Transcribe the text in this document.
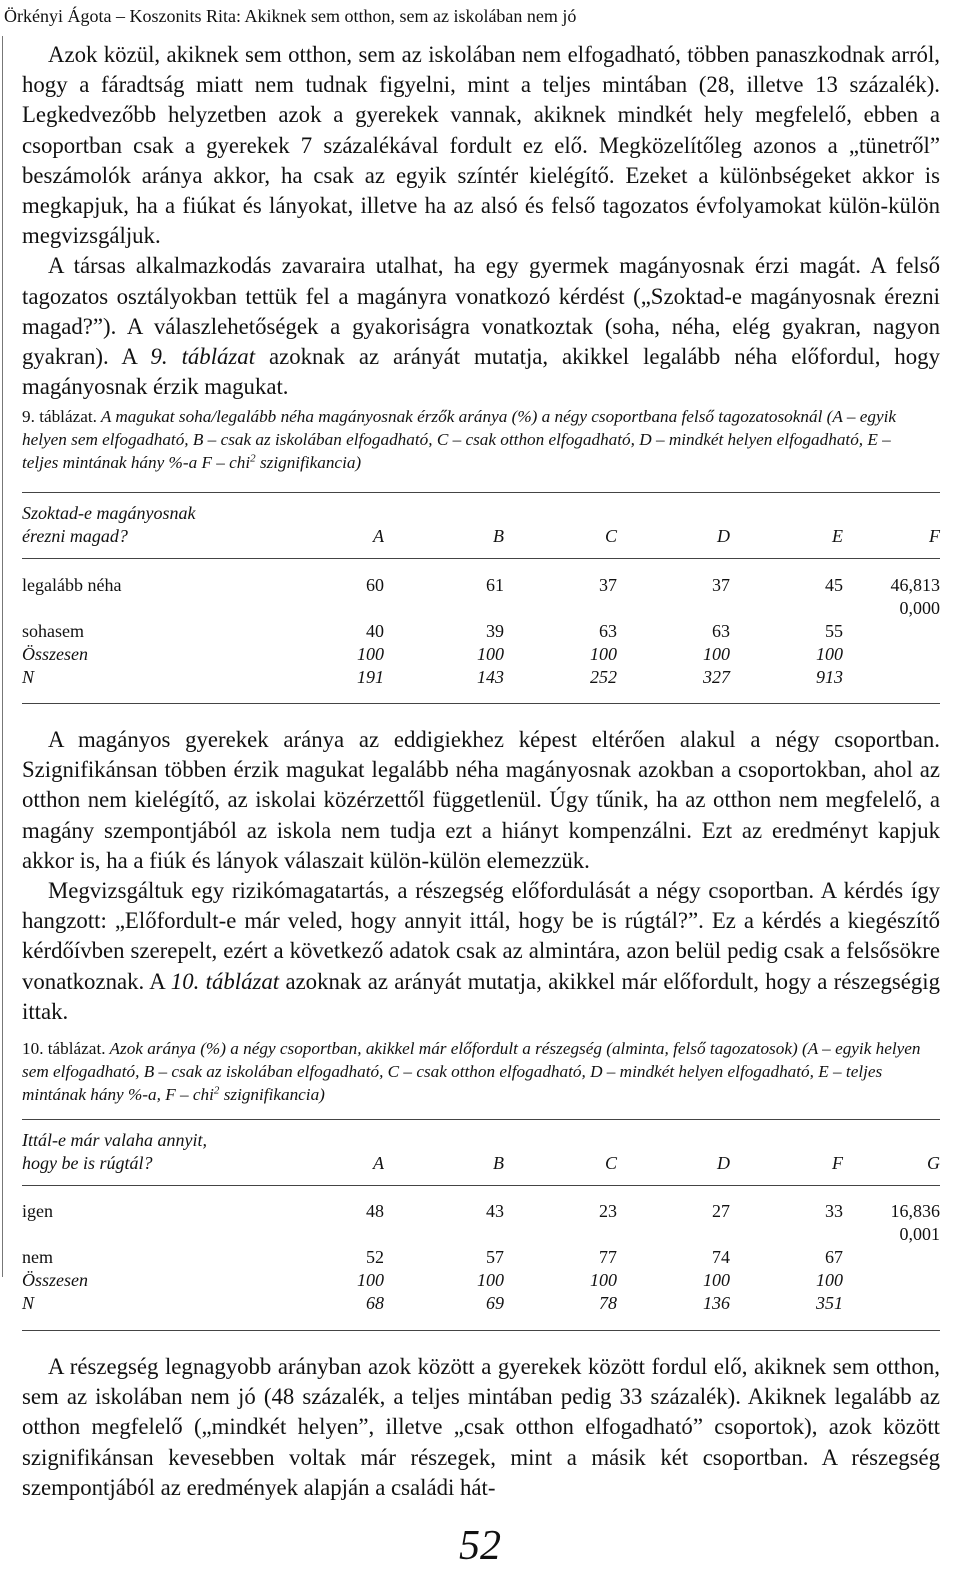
Örkényi Ágota – Koszonits Rita: Akiknek sem otthon, sem az iskolában nem jó

Azok közül, akiknek sem otthon, sem az iskolában nem elfogadható, többen panaszkodnak arról, hogy a fáradtság miatt nem tudnak figyelni, mint a teljes mintában (28, illetve 13 százalék). Legkedvezőbb helyzetben azok a gyerekek vannak, akiknek mindkét hely megfelelő, ebben a csoportban csak a gyerekek 7 százalékával fordult ez elő. Megközelítőleg azonos a „tünetről” beszámolók aránya akkor, ha csak az egyik színtér kielégítő. Ezeket a különbségeket akkor is megkapjuk, ha a fiúkat és lányokat, illetve ha az alsó és felső tagozatos évfolyamokat külön-külön megvizsgáljuk.

A társas alkalmazkodás zavaraira utalhat, ha egy gyermek magányosnak érzi magát. A felső tagozatos osztályokban tettük fel a magányra vonatkozó kérdést („Szoktad-e magányosnak érezni magad?”). A válaszlehetőségek a gyakoriságra vonatkoztak (soha, néha, elég gyakran, nagyon gyakran). A 9. táblázat azoknak az arányát mutatja, akikkel legalább néha előfordul, hogy magányosnak érzik magukat.

9. táblázat. A magukat soha/legalább néha magányosnak érzők aránya (%) a négy csoportbana felső tagozatosoknál (A – egyik helyen sem elfogadható, B – csak az iskolában elfogadható, C – csak otthon elfogadható, D – mindkét helyen elfogadható, E – teljes mintának hány %-a F – chi$^2$ szignifikancia)

Szoktad-e magányosnak						
érezni magad?	A	B	C	D	E	F
legalább néha	60	61	37	37	45	46,813
						0,000
sohasem	40	39	63	63	55	
Összesen	100	100	100	100	100	
N	191	143	252	327	913	

A magányos gyerekek aránya az eddigiekhez képest eltérően alakul a négy csoportban. Szignifikánsan többen érzik magukat legalább néha magányosnak azokban a csoportokban, ahol az otthon nem kielégítő, az iskolai közérzettől függetlenül. Úgy tűnik, ha az otthon nem megfelelő, a magány szempontjából az iskola nem tudja ezt a hiányt kompenzálni. Ezt az eredményt kapjuk akkor is, ha a fiúk és lányok válaszait külön-külön elemezzük.

Megvizsgáltuk egy rizikómagatartás, a részegség előfordulását a négy csoportban. A kérdés így hangzott: „Előfordult-e már veled, hogy annyit ittál, hogy be is rúgtál?”. Ez a kérdés a kiegészítő kérdőívben szerepelt, ezért a következő adatok csak az almintára, azon belül pedig csak a felsősökre vonatkoznak. A 10. táblázat azoknak az arányát mutatja, akikkel már előfordult, hogy a részegségig ittak.

10. táblázat. Azok aránya (%) a négy csoportban, akikkel már előfordult a részegség (alminta, felső tagozatosok) (A – egyik helyen sem elfogadható, B – csak az iskolában elfogadható, C – csak otthon elfogadható, D – mindkét helyen elfogadható, E – teljes mintának hány %-a, F – chi$^2$ szignifikancia)

Ittál-e már valaha annyit,						
hogy be is rúgtál?	A	B	C	D	F	G
igen	48	43	23	27	33	16,836
						0,001
nem	52	57	77	74	67	
Összesen	100	100	100	100	100	
N	68	69	78	136	351	

A részegség legnagyobb arányban azok között a gyerekek között fordul elő, akiknek sem otthon, sem az iskolában nem jó (48 százalék, a teljes mintában pedig 33 százalék). Akiknek legalább az otthon megfelelő („mindkét helyen”, illetve „csak otthon elfogadható” csoportok), azok között szignifikánsan kevesebben voltak már részegek, mint a másik két csoportban. A részegség szempontjából az eredmények alapján a családi hát-

52
